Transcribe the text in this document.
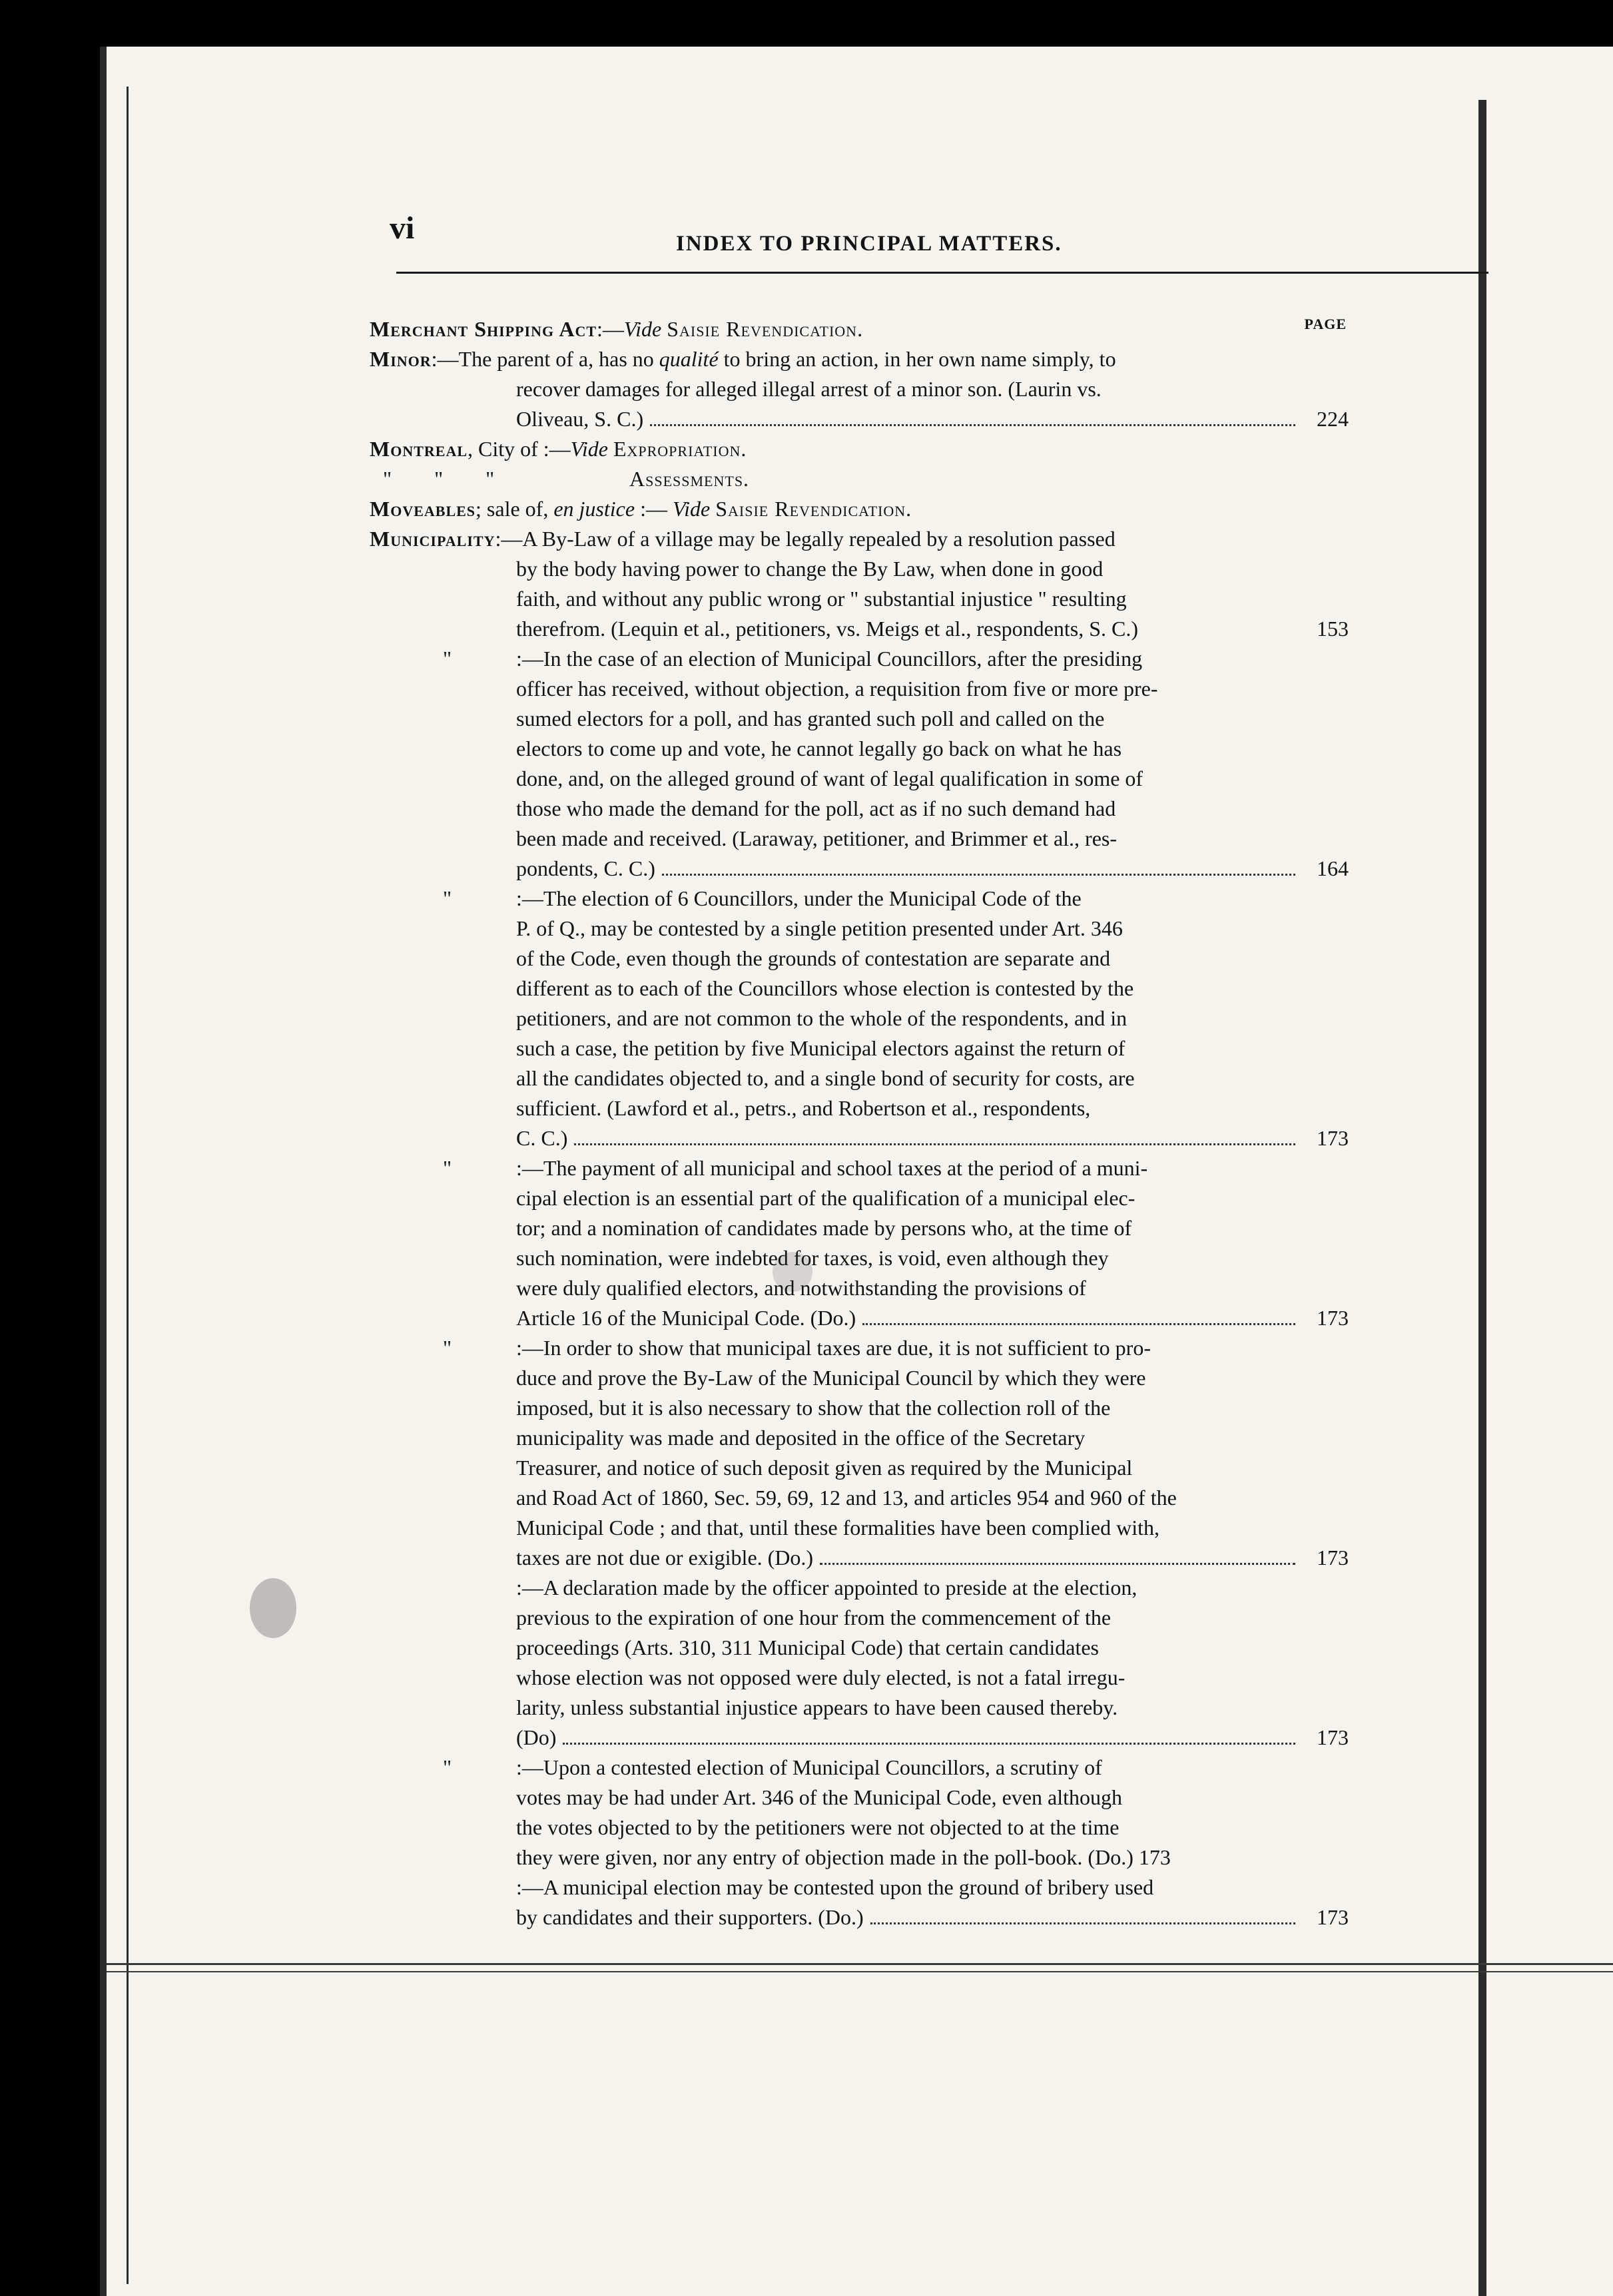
vi	INDEX TO PRINCIPAL MATTERS.
PAGE
Merchant Shipping Act:—Vide Saisie Revendication.
Minor:—The parent of a, has no qualité to bring an action, in her own name simply, to
recover damages for alleged illegal arrest of a minor son. (Laurin vs.
Oliveau, S. C.)	224
Montreal, City of :—Vide Expropriation.
"        "        "	Assessments.
Moveables; sale of, en justice :— Vide Saisie Revendication.
Municipality:—A By-Law of a village may be legally repealed by a resolution passed
by the body having power to change the By Law, when done in good
faith, and without any public wrong or " substantial injustice " resulting
therefrom. (Lequin et al., petitioners, vs. Meigs et al., respondents, S. C.)	153
"	:—In the case of an election of Municipal Councillors, after the presiding
officer has received, without objection, a requisition from five or more pre-
sumed electors for a poll, and has granted such poll and called on the
electors to come up and vote, he cannot legally go back on what he has
done, and, on the alleged ground of want of legal qualification in some of
those who made the demand for the poll, act as if no such demand had
been made and received. (Laraway, petitioner, and Brimmer et al., res-
pondents, C. C.)	164
"	:—The election of 6 Councillors, under the Municipal Code of the
P. of Q., may be contested by a single petition presented under Art. 346
of the Code, even though the grounds of contestation are separate and
different as to each of the Councillors whose election is contested by the
petitioners, and are not common to the whole of the respondents, and in
such a case, the petition by five Municipal electors against the return of
all the candidates objected to, and a single bond of security for costs, are
sufficient. (Lawford et al., petrs., and Robertson et al., respondents,
C. C.)	173
"	:—The payment of all municipal and school taxes at the period of a muni-
cipal election is an essential part of the qualification of a municipal elec-
tor; and a nomination of candidates made by persons who, at the time of
such nomination, were indebted for taxes, is void, even although they
were duly qualified electors, and notwithstanding the provisions of
Article 16 of the Municipal Code. (Do.)	173
"	:—In order to show that municipal taxes are due, it is not sufficient to pro-
duce and prove the By-Law of the Municipal Council by which they were
imposed, but it is also necessary to show that the collection roll of the
municipality was made and deposited in the office of the Secretary
Treasurer, and notice of such deposit given as required by the Municipal
and Road Act of 1860, Sec. 59, 69, 12 and 13, and articles 954 and 960 of the
Municipal Code ; and that, until these formalities have been complied with,
taxes are not due or exigible. (Do.)	173
:—A declaration made by the officer appointed to preside at the election,
previous to the expiration of one hour from the commencement of the
proceedings (Arts. 310, 311 Municipal Code) that certain candidates
whose election was not opposed were duly elected, is not a fatal irregu-
larity, unless substantial injustice appears to have been caused thereby.
(Do)	173
"	:—Upon a contested election of Municipal Councillors, a scrutiny of
votes may be had under Art. 346 of the Municipal Code, even although
the votes objected to by the petitioners were not objected to at the time
they were given, nor any entry of objection made in the poll-book. (Do.) 173
:—A municipal election may be contested upon the ground of bribery used
by candidates and their supporters. (Do.)	173
